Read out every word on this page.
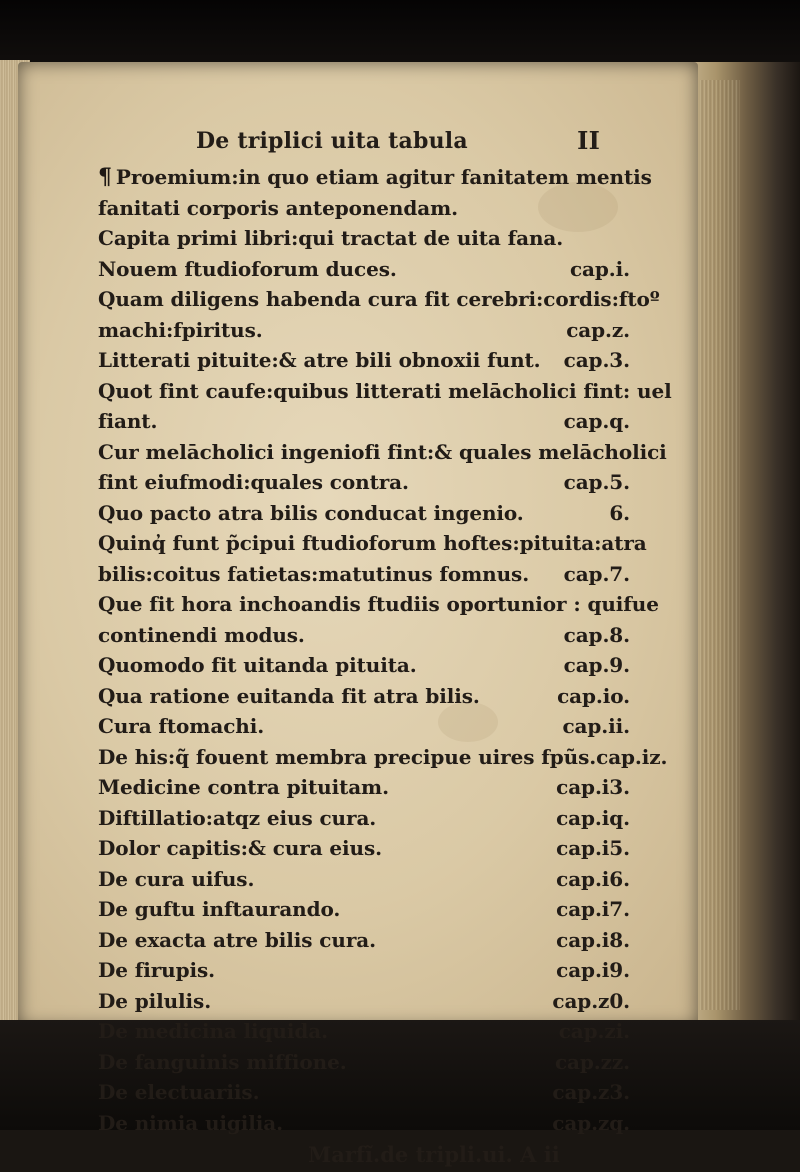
De triplici uita tabula	II
¶ Proemium:in quo etiam agitur fanitatem mentis
fanitati corporis anteponendam.
Capita primi libri:qui tractat de uita fana.
Nouem ftudioforum duces.	cap.i.
Quam diligens habenda cura fit cerebri:cordis:ftoº
machi:fpiritus.	cap.z.
Litterati pituite:& atre bili obnoxii funt. cap.3.
Quot fint caufe:quibus litterati melācholici fint: uel
fiant.	cap.q.
Cur melācholici ingeniofi fint:& quales melācholici
fint eiufmodi:quales contra.	cap.5.
Quo pacto atra bilis conducat ingenio.	6.
Quinq̓ funt p̃cipui ftudioforum hoftes:pituita:atra
bilis:coitus fatietas:matutinus fomnus. cap.7.
Que fit hora inchoandis ftudiis oportunior : quifue
continendi modus.	cap.8.
Quomodo fit uitanda pituita.	cap.9.
Qua ratione euitanda fit atra bilis.	cap.io.
Cura ftomachi.	cap.ii.
De his:q̃ fouent membra precipue uires fpũs.cap.iz.
Medicine contra pituitam.	cap.i3.
Diftillatio:atqz eius cura.	cap.iq.
Dolor capitis:& cura eius.	cap.i5.
De cura uifus.	cap.i6.
De guftu inftaurando.	cap.i7.
De exacta atre bilis cura.	cap.i8.
De firupis.	cap.i9.
De pilulis.	cap.z0.
De medicina liquida.	cap.zi.
De fanguinis miffione.	cap.zz.
De electuariis.	cap.z3.
De nimia uigilia.	cap.zq.
Marfĩ.de tripli.ui. A ii
